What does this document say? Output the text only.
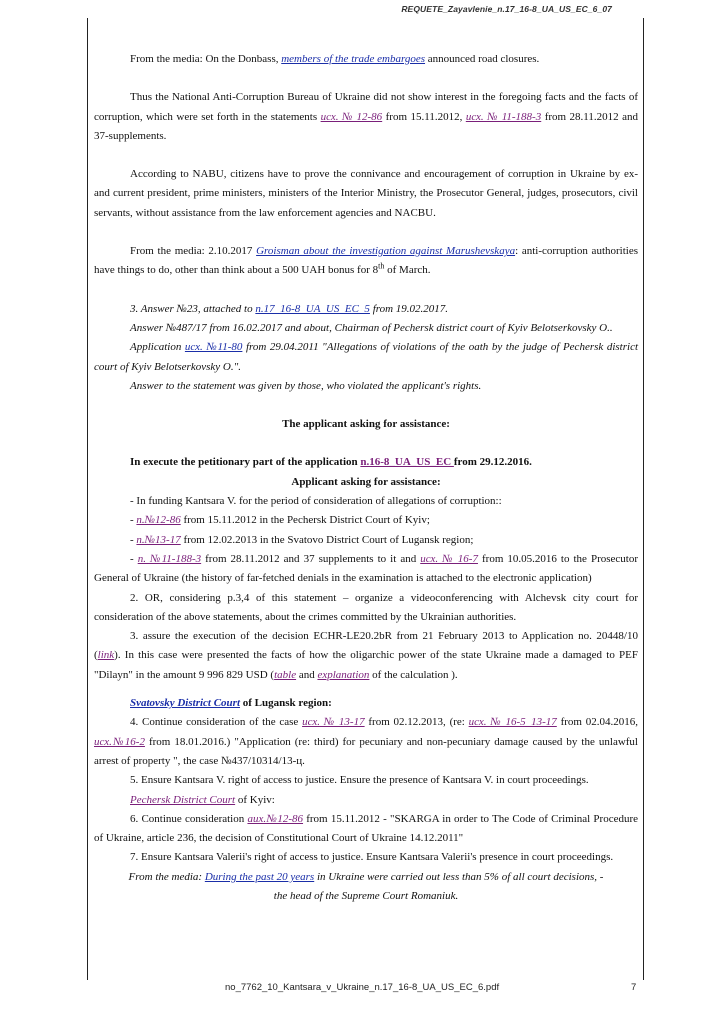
REQUETE_Zayavlenie_n.17_16-8_UA_US_EC_6_07

From the media: On the Donbass, members of the trade embargoes announced road closures.

Thus the National Anti-Corruption Bureau of Ukraine did not show interest in the foregoing facts and the facts of corruption, which were set forth in the statements исх. № 12-86 from 15.11.2012, исх. № 11-188-3 from 28.11.2012 and 37-supplements.

According to NABU, citizens have to prove the connivance and encouragement of corruption in Ukraine by ex- and current president, prime ministers, ministers of the Interior Ministry, the Prosecutor General, judges, prosecutors, civil servants, without assistance from the law enforcement agencies and NACBU.

From the media: 2.10.2017 Groisman about the investigation against Marushevskaya: anti-corruption authorities have things to do, other than think about a 500 UAH bonus for 8th of March.

3. Answer №23, attached to n.17_16-8_UA_US_EC_5 from 19.02.2017.

Answer №487/17 from 16.02.2017 and about, Chairman of Pechersk district court of Kyiv Belotserkovsky O..

Application исх. №11-80 from 29.04.2011 "Allegations of violations of the oath by the judge of Pechersk district court of Kyiv Belotserkovsky O.".

Answer to the statement was given by those, who violated the applicant's rights.

The applicant asking for assistance:

In execute the petitionary part of the application n.16-8_UA_US_EC from 29.12.2016.

Applicant asking for assistance:

- In funding Kantsara V. for the period of consideration of allegations of corruption::

- n.№12-86 from 15.11.2012 in the Pechersk District Court of Kyiv;

- n.№13-17 from 12.02.2013 in the Svatovo District Court of Lugansk region;

- n. №11-188-3 from 28.11.2012 and 37 supplements to it and исх. № 16-7 from 10.05.2016 to the Prosecutor General of Ukraine (the history of far-fetched denials in the examination is attached to the electronic application)

2. OR, considering p.3,4 of this statement – organize a videoconferencing with Alchevsk city court for consideration of the above statements, about the crimes committed by the Ukrainian authorities.

3. assure the execution of the decision ECHR-LE20.2bR from 21 February 2013 to Application no. 20448/10 (link). In this case were presented the facts of how the oligarchic power of the state Ukraine made a damaged to PEF "Dilayn" in the amount 9 996 829 USD (table and explanation of the calculation ).

Svatovsky District Court of Lugansk region:

4. Continue consideration of the case исх. № 13-17 from 02.12.2013, (re: исх. № 16-5_13-17 from 02.04.2016, исх.№16-2 from 18.01.2016.) "Application (re: third) for pecuniary and non-pecuniary damage caused by the unlawful arrest of property ", the case №437/10314/13-ц.

5. Ensure Kantsara V. right of access to justice. Ensure the presence of Kantsara V. in court proceedings.

Pechersk District Court of Kyiv:

6. Continue consideration аих.№12-86 from 15.11.2012 - "SKARGA in order to The Code of Criminal Procedure of Ukraine, article 236, the decision of Constitutional Court of Ukraine 14.12.2011"

7. Ensure Kantsara Valerii's right of access to justice. Ensure Kantsara Valerii's presence in court proceedings.

From the media: During the past 20 years in Ukraine were carried out less than 5% of all court decisions, - the head of the Supreme Court Romaniuk.

no_7762_10_Kantsara_v_Ukraine_n.17_16-8_UA_US_EC_6.pdf	7
